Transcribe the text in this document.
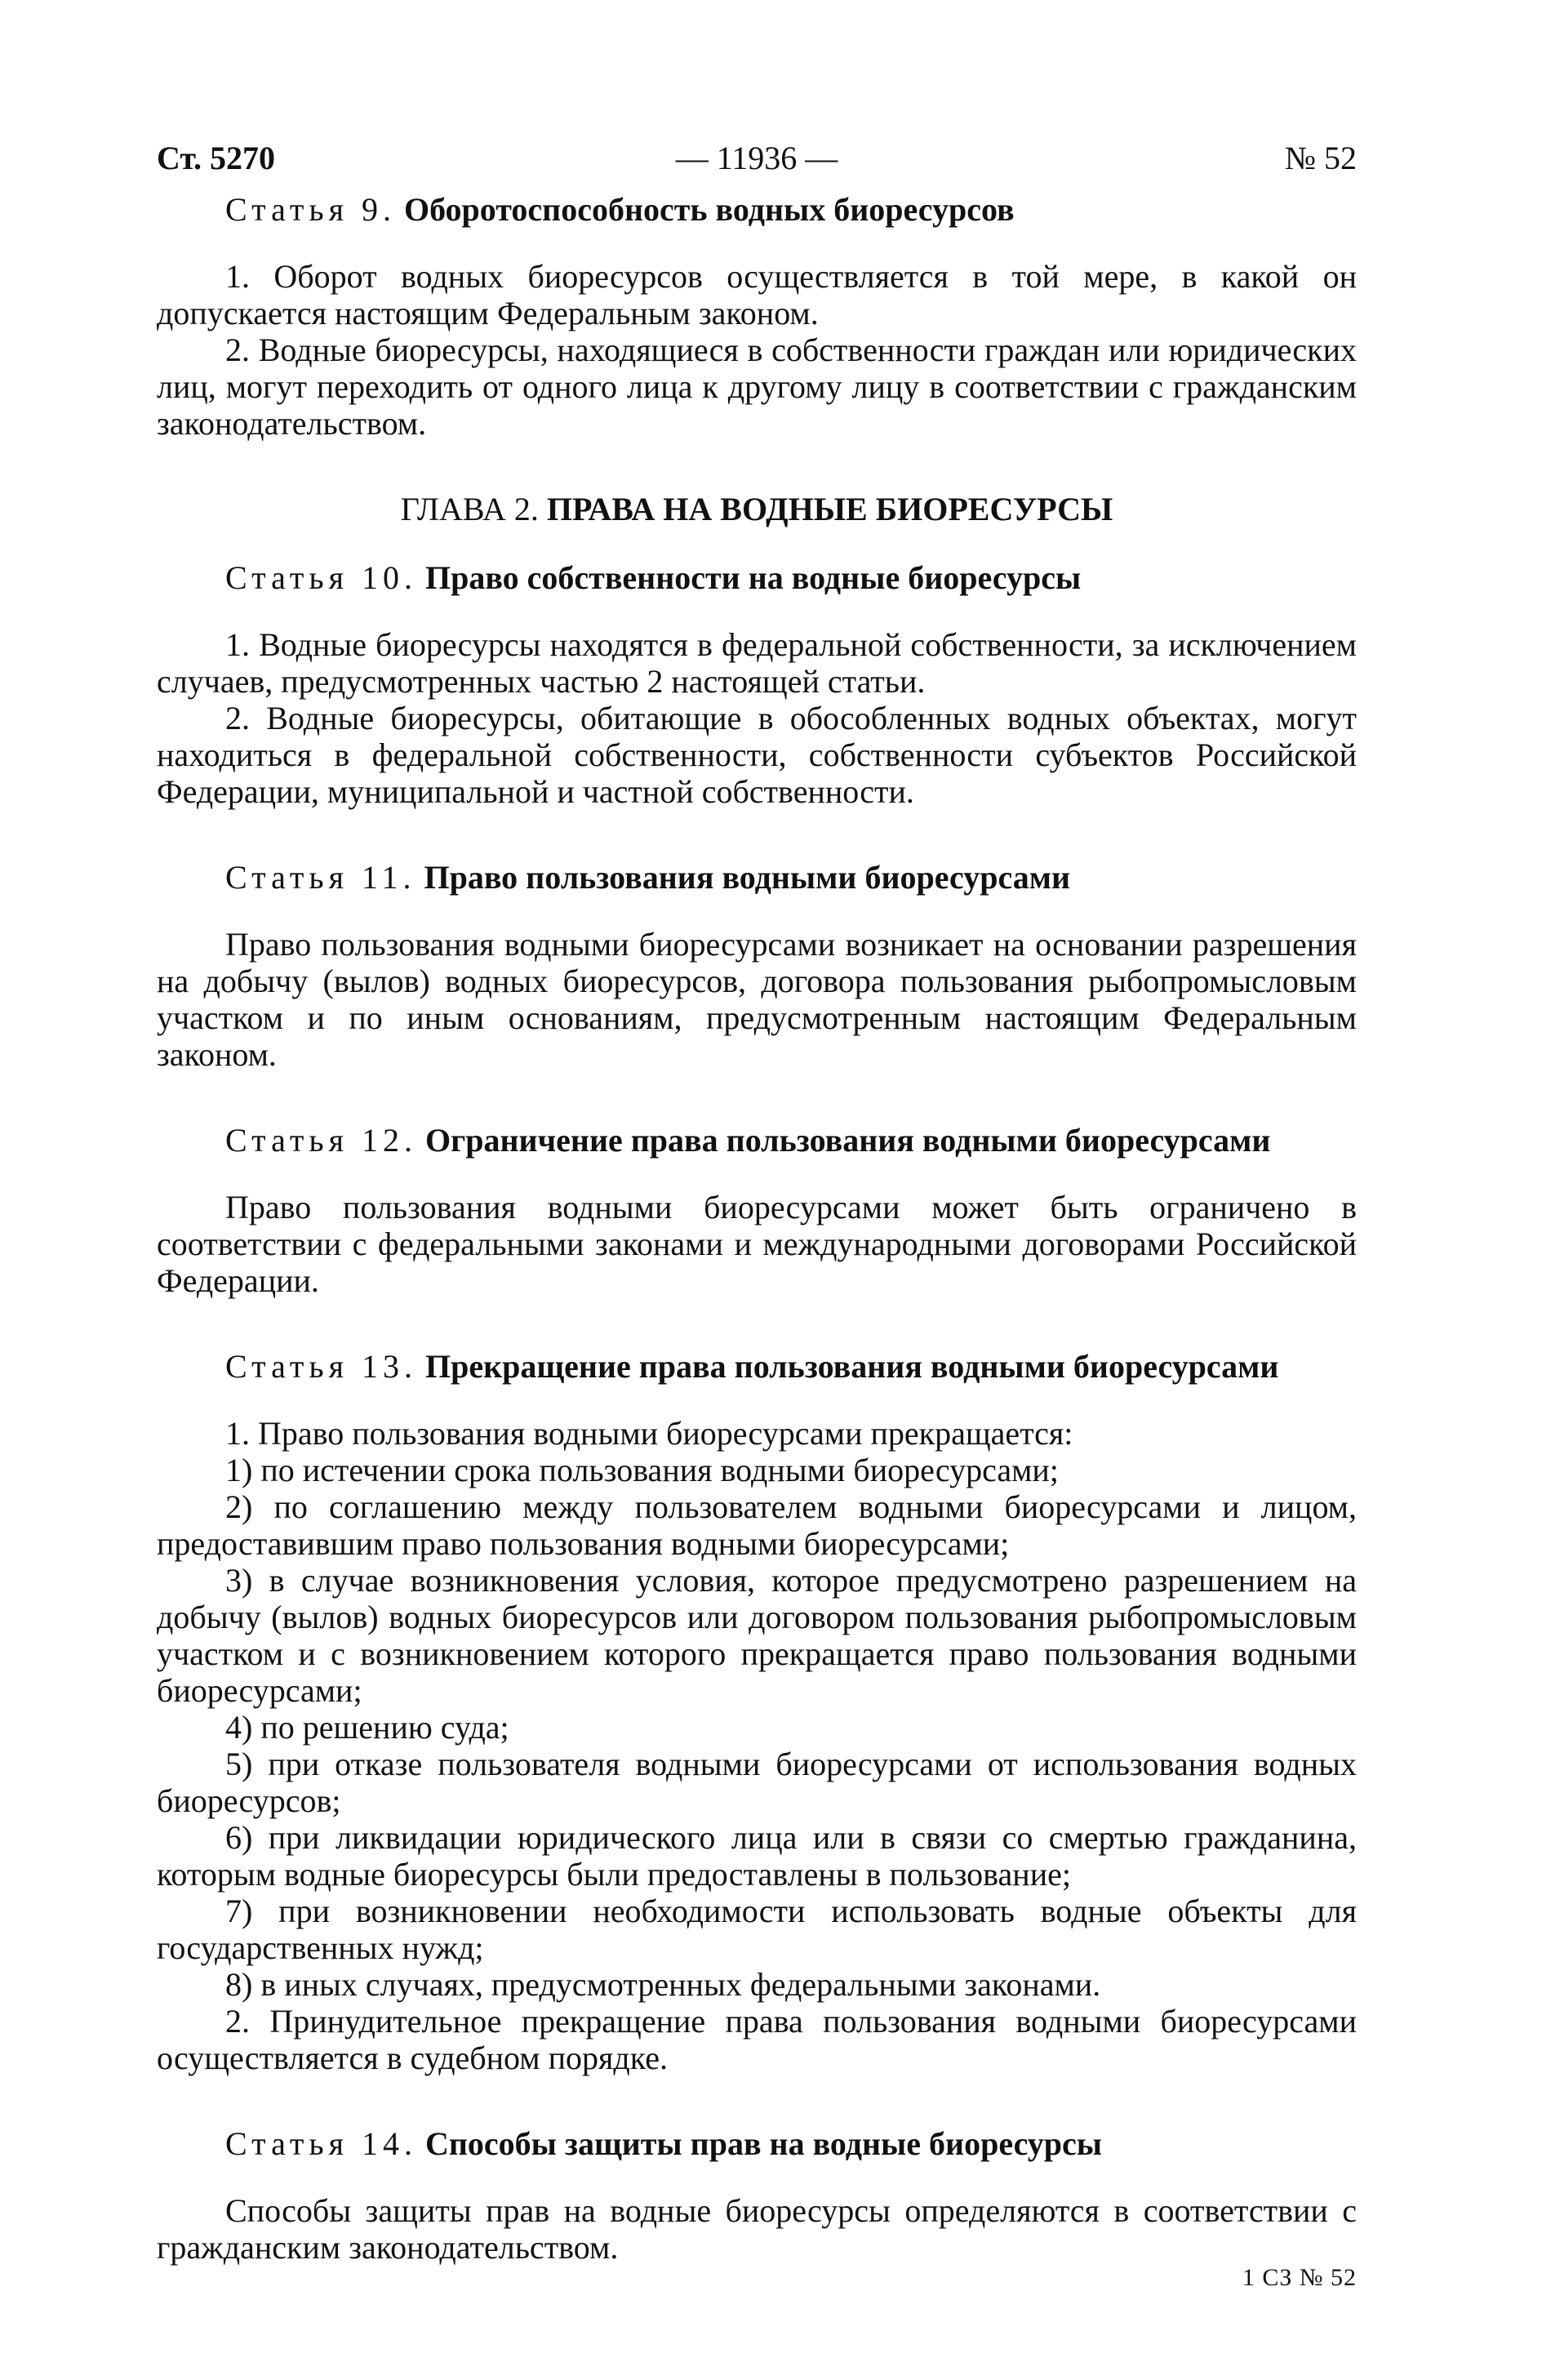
Ст. 5270	— 11936 —	№ 52

Статья 9. Оборотоспособность водных биоресурсов

1. Оборот водных биоресурсов осуществляется в той мере, в какой он допускается настоящим Федеральным законом.

2. Водные биоресурсы, находящиеся в собственности граждан или юридических лиц, могут переходить от одного лица к другому лицу в соответствии с гражданским законодательством.

ГЛАВА 2. ПРАВА НА ВОДНЫЕ БИОРЕСУРСЫ

Статья 10. Право собственности на водные биоресурсы

1. Водные биоресурсы находятся в федеральной собственности, за исключением случаев, предусмотренных частью 2 настоящей статьи.

2. Водные биоресурсы, обитающие в обособленных водных объектах, могут находиться в федеральной собственности, собственности субъектов Российской Федерации, муниципальной и частной собственности.

Статья 11. Право пользования водными биоресурсами

Право пользования водными биоресурсами возникает на основании разрешения на добычу (вылов) водных биоресурсов, договора пользования рыбопромысловым участком и по иным основаниям, предусмотренным настоящим Федеральным законом.

Статья 12. Ограничение права пользования водными биоресурсами

Право пользования водными биоресурсами может быть ограничено в соответствии с федеральными законами и международными договорами Российской Федерации.

Статья 13. Прекращение права пользования водными биоресурсами

1. Право пользования водными биоресурсами прекращается:

1) по истечении срока пользования водными биоресурсами;

2) по соглашению между пользователем водными биоресурсами и лицом, предоставившим право пользования водными биоресурсами;

3) в случае возникновения условия, которое предусмотрено разрешением на добычу (вылов) водных биоресурсов или договором пользования рыбопромысловым участком и с возникновением которого прекращается право пользования водными биоресурсами;

4) по решению суда;

5) при отказе пользователя водными биоресурсами от использования водных биоресурсов;

6) при ликвидации юридического лица или в связи со смертью гражданина, которым водные биоресурсы были предоставлены в пользование;

7) при возникновении необходимости использовать водные объекты для государственных нужд;

8) в иных случаях, предусмотренных федеральными законами.

2. Принудительное прекращение права пользования водными биоресурсами осуществляется в судебном порядке.

Статья 14. Способы защиты прав на водные биоресурсы

Способы защиты прав на водные биоресурсы определяются в соответствии с гражданским законодательством.

1 СЗ № 52
